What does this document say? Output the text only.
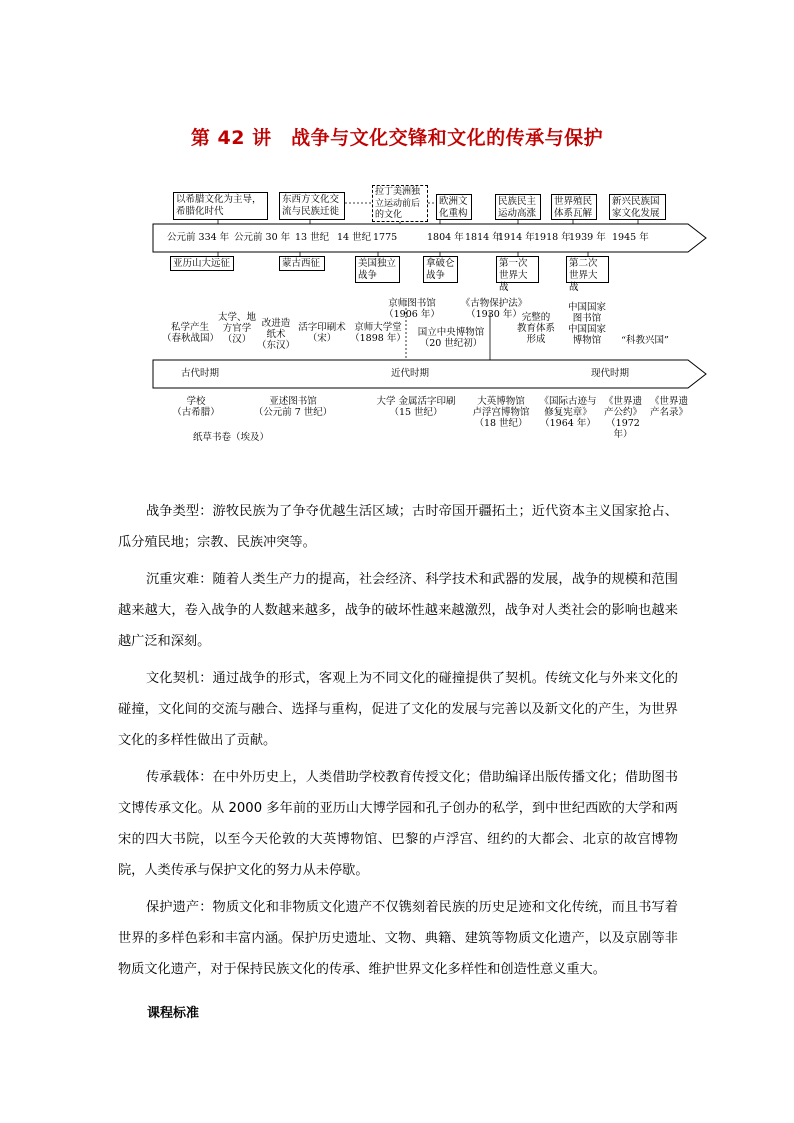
第 42 讲　战争与文化交锋和文化的传承与保护
以希腊文化为主导，
希腊化时代
东西方文化交
流与民族迁徙
拉丁美洲独
立运动前后
的文化
欧洲文
化重构
民族民主
运动高涨
世界殖民
体系瓦解
新兴民族国
家文化发展
公元前 334 年 公元前 30 年 13 世纪 14 世纪 1775	1804 年 1814 年
1914 年 1918 年
1939 年 1945 年
亚历山大远征	蒙古西征	美国独立
战争
拿破仑
战争
第一次
世界大战
第二次
世界大战
私学产生
（春秋战国）
太学、地
方官学
（汉）
改进造
纸术
（东汉）
活字印刷术
（宋）
京师大学堂
（1898 年）
京师图书馆
（1906 年）
国立中央博物馆
（20 世纪初）
《古物保护法》
（1930 年） 完整的
教育体系
形成
中国国家
图书馆
中国国家
博物馆	“科教兴国”
古代时期	近代时期	现代时期
学校
（古希腊）
亚述图书馆
（公元前 7 世纪）
纸草书卷（埃及）
大学 金属活字印刷
（15 世纪）
大英博物馆
卢浮宫博物馆
（18 世纪）
《国际古迹与
修复宪章》
（1964 年）
《世界遗
产公约》
（1972 年）
《世界遗
产名录》

战争类型：游牧民族为了争夺优越生活区域；古时帝国开疆拓土；近代资本主义国家抢占、瓜分殖民地；宗教、民族冲突等。

沉重灾难：随着人类生产力的提高，社会经济、科学技术和武器的发展，战争的规模和范围越来越大，卷入战争的人数越来越多，战争的破坏性越来越激烈，战争对人类社会的影响也越来越广泛和深刻。

文化契机：通过战争的形式，客观上为不同文化的碰撞提供了契机。传统文化与外来文化的碰撞，文化间的交流与融合、选择与重构，促进了文化的发展与完善以及新文化的产生，为世界文化的多样性做出了贡献。

传承载体：在中外历史上，人类借助学校教育传授文化；借助编译出版传播文化；借助图书文博传承文化。从 2000 多年前的亚历山大博学园和孔子创办的私学，到中世纪西欧的大学和两宋的四大书院，以至今天伦敦的大英博物馆、巴黎的卢浮宫、纽约的大都会、北京的故宫博物院，人类传承与保护文化的努力从未停歇。

保护遗产：物质文化和非物质文化遗产不仅镌刻着民族的历史足迹和文化传统，而且书写着世界的多样色彩和丰富内涵。保护历史遗址、文物、典籍、建筑等物质文化遗产，以及京剧等非物质文化遗产，对于保持民族文化的传承、维护世界文化多样性和创造性意义重大。

课程标准
